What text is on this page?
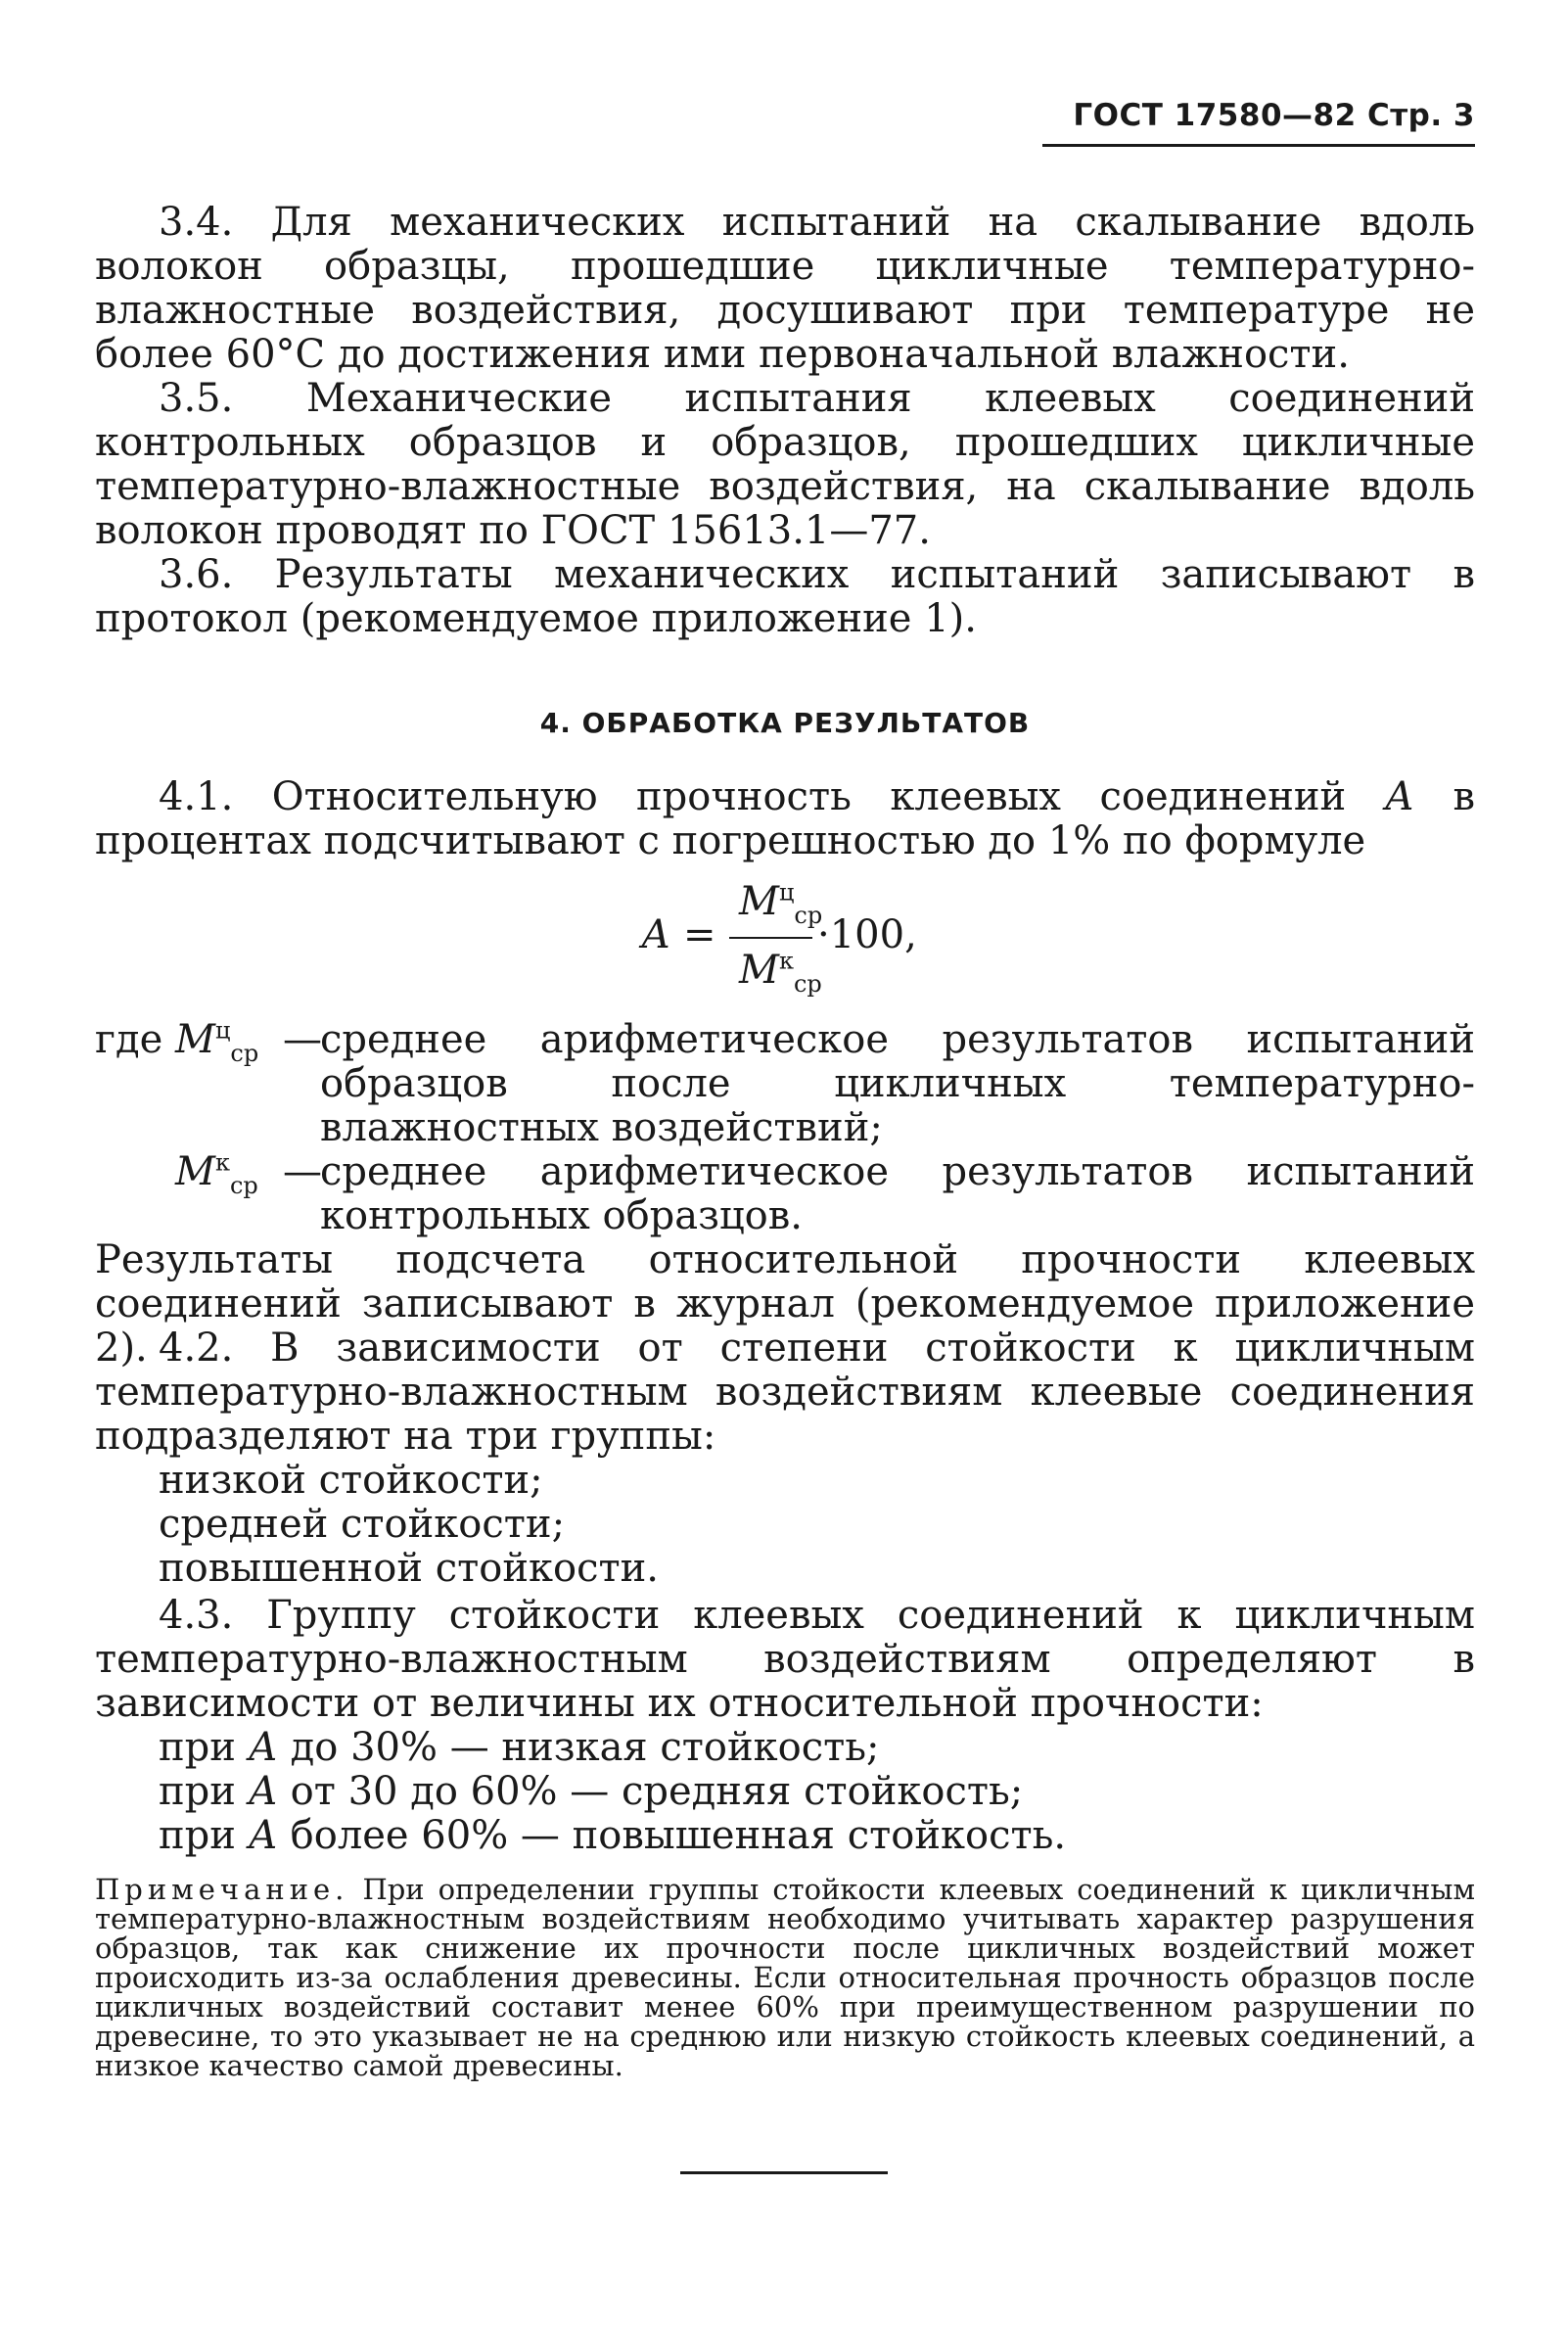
ГОСТ 17580—82 Стр. 3
3.4. Для механических испытаний на скалывание вдоль волокон образцы, прошедшие цикличные температурно-влажностные воздействия, досушивают при температуре не более 60°С до достижения ими первоначальной влажности.
3.5. Механические испытания клеевых соединений контрольных образцов и образцов, прошедших цикличные температурно-влажностные воздействия, на скалывание вдоль волокон проводят по ГОСТ 15613.1—77.
3.6. Результаты механических испытаний записывают в протокол (рекомендуемое приложение 1).
4. ОБРАБОТКА РЕЗУЛЬТАТОВ
4.1. Относительную прочность клеевых соединений А в процентах подсчитывают с погрешностью до 1% по формуле
А =
$М^ц_{ср}$
$М^к_{ср}$
·100,
где $М^ц_{ср}$ —
среднее арифметическое результатов испытаний образцов после цикличных температурно-влажностных воздействий;
$М^к_{ср}$ —
среднее арифметическое результатов испытаний контрольных образцов.
Результаты подсчета относительной прочности клеевых соединений записывают в журнал (рекомендуемое приложение 2). 4.2. В зависимости от степени стойкости к цикличным температурно-влажностным воздействиям клеевые соединения подразделяют на три группы:
низкой стойкости;
средней стойкости;
повышенной стойкости.
4.3. Группу стойкости клеевых соединений к цикличным температурно-влажностным воздействиям определяют в зависимости от величины их относительной прочности:
при А до 30% — низкая стойкость;
при А от 30 до 60% — средняя стойкость;
при А более 60% — повышенная стойкость.
Примечание. При определении группы стойкости клеевых соединений к цикличным температурно-влажностным воздействиям необходимо учитывать характер разрушения образцов, так как снижение их прочности после цикличных воздействий может происходить из-за ослабления древесины. Если относительная прочность образцов после цикличных воздействий составит менее 60% при преимущественном разрушении по древесине, то это указывает не на среднюю или низкую стойкость клеевых соединений, а низкое качество самой древесины.
